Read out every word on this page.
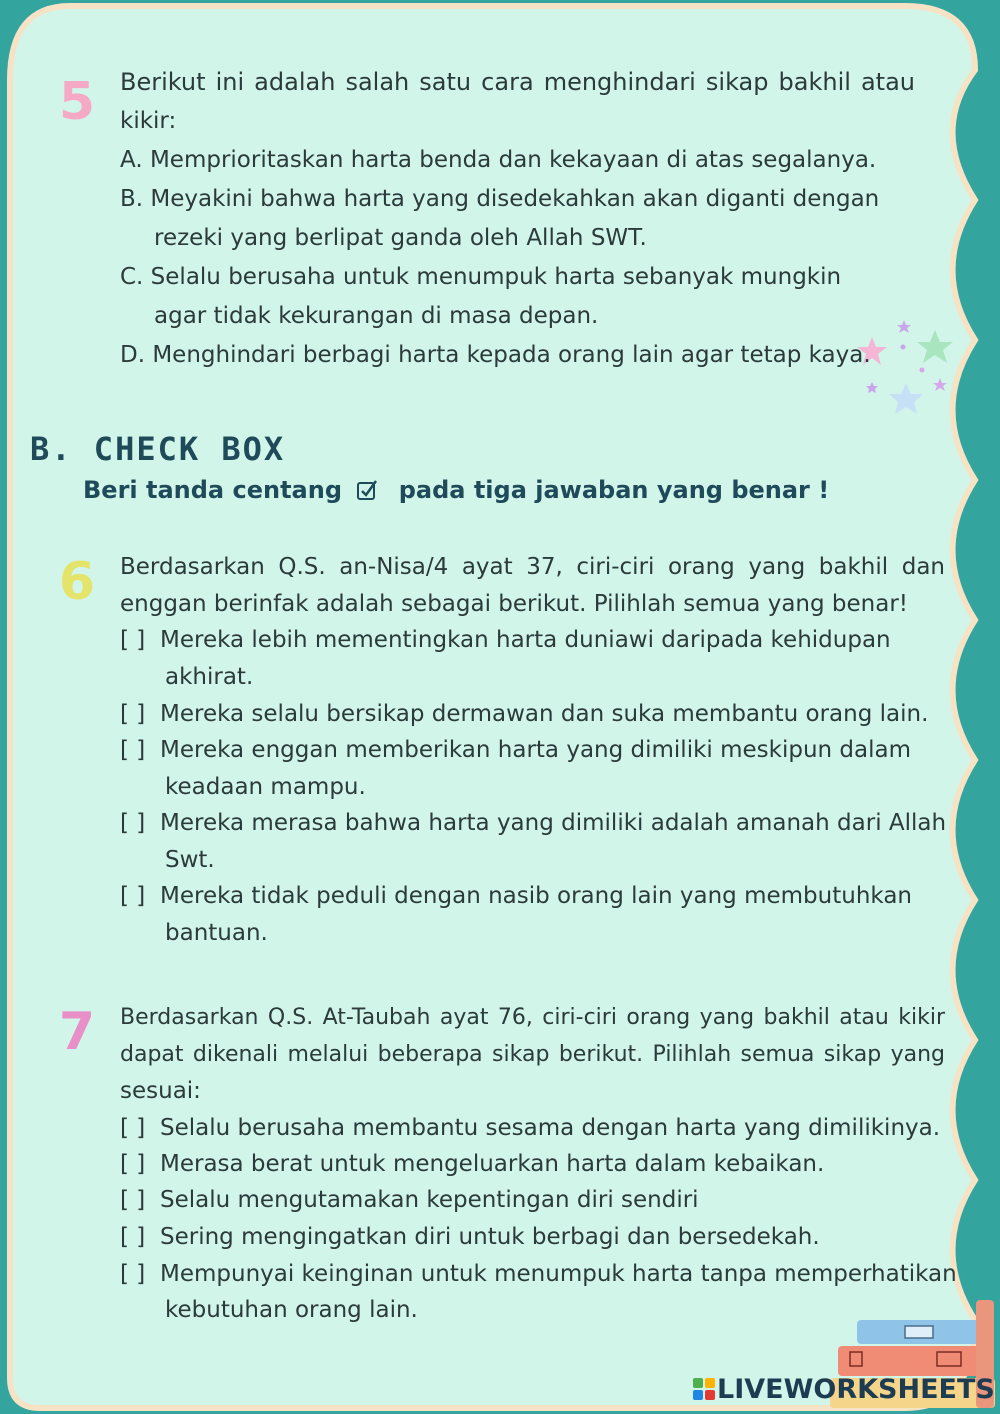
5 Berikut ini adalah salah satu cara menghindari sikap bakhil atau
kikir:
A. Memprioritaskan harta benda dan kekayaan di atas segalanya.
B. Meyakini bahwa harta yang disedekahkan akan diganti dengan
rezeki yang berlipat ganda oleh Allah SWT.
C. Selalu berusaha untuk menumpuk harta sebanyak mungkin
agar tidak kekurangan di masa depan.
D. Menghindari berbagi harta kepada orang lain agar tetap kaya.
B. CHECK BOX
Beri tanda centang pada tiga jawaban yang benar !
6	Berdasarkan Q.S. an-Nisa/4 ayat 37, ciri-ciri orang yang bakhil dan
enggan berinfak adalah sebagai berikut. Pilihlah semua yang benar!
[ ] Mereka lebih mementingkan harta duniawi daripada kehidupan
akhirat.
[ ] Mereka selalu bersikap dermawan dan suka membantu orang lain.
[ ] Mereka enggan memberikan harta yang dimiliki meskipun dalam
keadaan mampu.
[ ] Mereka merasa bahwa harta yang dimiliki adalah amanah dari Allah
Swt.
[ ] Mereka tidak peduli dengan nasib orang lain yang membutuhkan
bantuan.
7	Berdasarkan Q.S. At-Taubah ayat 76, ciri-ciri orang yang bakhil atau kikir
dapat dikenali melalui beberapa sikap berikut. Pilihlah semua sikap yang
sesuai:
[ ] Selalu berusaha membantu sesama dengan harta yang dimilikinya.
[ ] Merasa berat untuk mengeluarkan harta dalam kebaikan.
[ ] Selalu mengutamakan kepentingan diri sendiri
[ ] Sering mengingatkan diri untuk berbagi dan bersedekah.
[ ] Mempunyai keinginan untuk menumpuk harta tanpa memperhatikan
kebutuhan orang lain.
LIVEWORKSHEETS
